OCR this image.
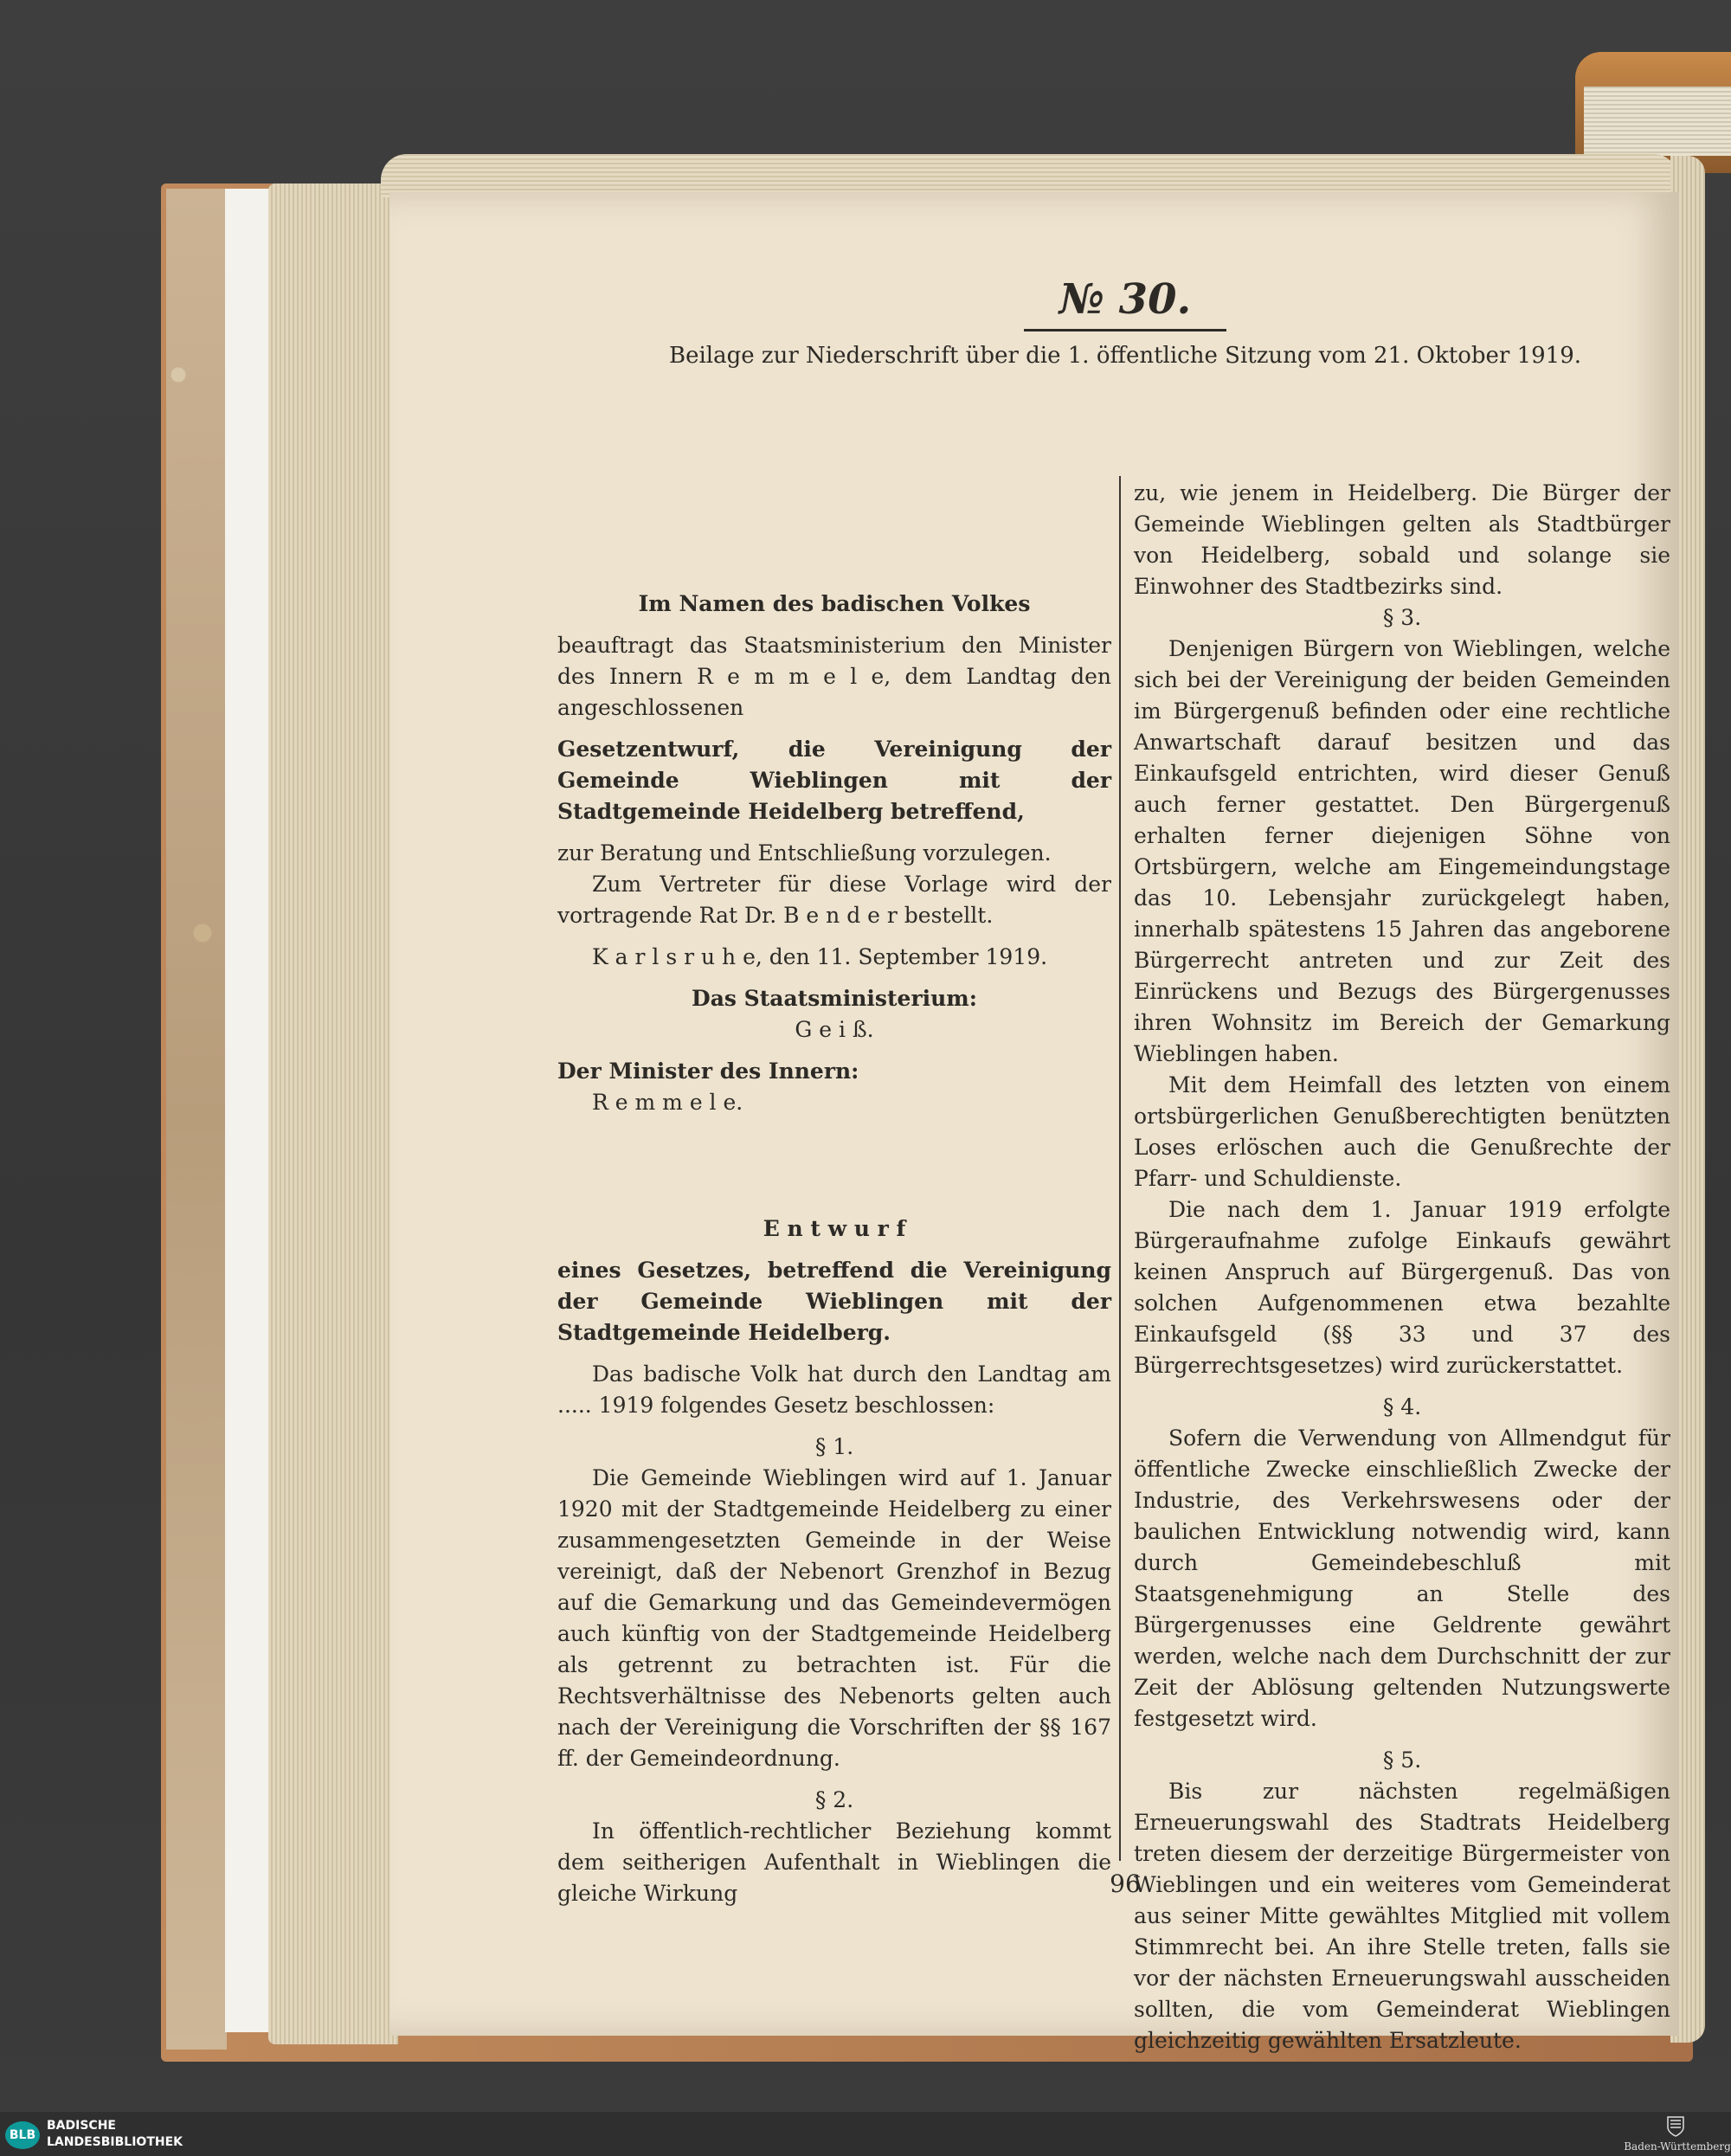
№ 30.
Beilage zur Niederschrift über die 1. öffentliche Sitzung vom 21. Oktober 1919.

Im Namen des badischen Volkes

beauftragt das Staatsministerium den Minister des Innern R e m m e l e, dem Landtag den angeschlossenen

Gesetzentwurf, die Vereinigung der Gemeinde Wieblingen mit der Stadtgemeinde Heidelberg betreffend,

zur Beratung und Entschließung vorzulegen.

Zum Vertreter für diese Vorlage wird der vortragende Rat Dr. B e n d e r bestellt.

K a r l s r u h e, den 11. September 1919.

Das Staatsministerium:

G e i ß.

Der Minister des Innern:

R e m m e l e.

E n t w u r f

eines Gesetzes, betreffend die Vereinigung der Gemeinde Wieblingen mit der Stadtgemeinde Heidelberg.

Das badische Volk hat durch den Landtag am ..... 1919 folgendes Gesetz beschlossen:

§ 1.

Die Gemeinde Wieblingen wird auf 1. Januar 1920 mit der Stadtgemeinde Heidelberg zu einer zusammengesetzten Gemeinde in der Weise vereinigt, daß der Nebenort Grenzhof in Bezug auf die Gemarkung und das Gemeindevermögen auch künftig von der Stadtgemeinde Heidelberg als getrennt zu betrachten ist. Für die Rechtsverhältnisse des Nebenorts gelten auch nach der Vereinigung die Vorschriften der §§ 167 ff. der Gemeindeordnung.

§ 2.

In öffentlich-rechtlicher Beziehung kommt dem seitherigen Aufenthalt in Wieblingen die gleiche Wirkung

zu, wie jenem in Heidelberg. Die Bürger der Gemeinde Wieblingen gelten als Stadtbürger von Heidelberg, sobald und solange sie Einwohner des Stadtbezirks sind.

§ 3.

Denjenigen Bürgern von Wieblingen, welche sich bei der Vereinigung der beiden Gemeinden im Bürgergenuß befinden oder eine rechtliche Anwartschaft darauf besitzen und das Einkaufsgeld entrichten, wird dieser Genuß auch ferner gestattet. Den Bürgergenuß erhalten ferner diejenigen Söhne von Ortsbürgern, welche am Eingemeindungstage das 10. Lebensjahr zurückgelegt haben, innerhalb spätestens 15 Jahren das angeborene Bürgerrecht antreten und zur Zeit des Einrückens und Bezugs des Bürgergenusses ihren Wohnsitz im Bereich der Gemarkung Wieblingen haben.

Mit dem Heimfall des letzten von einem ortsbürgerlichen Genußberechtigten benützten Loses erlöschen auch die Genußrechte der Pfarr- und Schuldienste.

Die nach dem 1. Januar 1919 erfolgte Bürgeraufnahme zufolge Einkaufs gewährt keinen Anspruch auf Bürgergenuß. Das von solchen Aufgenommenen etwa bezahlte Einkaufsgeld (§§ 33 und 37 des Bürgerrechtsgesetzes) wird zurückerstattet.

§ 4.

Sofern die Verwendung von Allmendgut für öffentliche Zwecke einschließlich Zwecke der Industrie, des Verkehrswesens oder der baulichen Entwicklung notwendig wird, kann durch Gemeindebeschluß mit Staatsgenehmigung an Stelle des Bürgergenusses eine Geldrente gewährt werden, welche nach dem Durchschnitt der zur Zeit der Ablösung geltenden Nutzungswerte festgesetzt wird.

§ 5.

Bis zur nächsten regelmäßigen Erneuerungswahl des Stadtrats Heidelberg treten diesem der derzeitige Bürgermeister von Wieblingen und ein weiteres vom Gemeinderat aus seiner Mitte gewähltes Mitglied mit vollem Stimmrecht bei. An ihre Stelle treten, falls sie vor der nächsten Erneuerungswahl ausscheiden sollten, die vom Gemeinderat Wieblingen gleichzeitig gewählten Ersatzleute.

96
BLB
BADISCHE
LANDESBIBLIOTHEK	Baden-Württemberg
